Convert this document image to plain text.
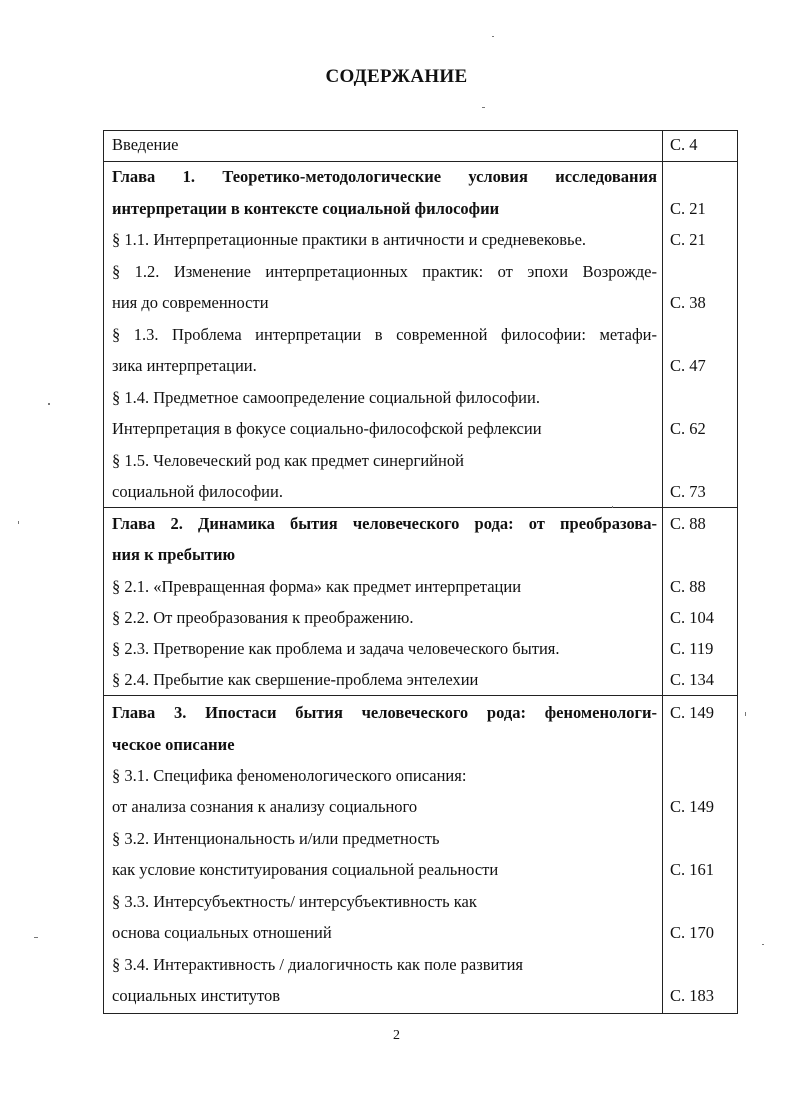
СОДЕРЖАНИЕ
Введение	С. 4
Глава 1. Теоретико-методологические условия исследования
интерпретации в контексте социальной философии	С. 21
§ 1.1. Интерпретационные практики в античности и средневековье.	С. 21
§ 1.2. Изменение интерпретационных практик: от эпохи Возрожде-
ния до современности	С. 38
§ 1.3. Проблема интерпретации в современной философии: метафи-
зика интерпретации.	С. 47
§ 1.4. Предметное самоопределение социальной философии.
Интерпретация в фокусе социально-философской рефлексии	С. 62
§ 1.5. Человеческий род как предмет синергийной
социальной философии.	С. 73
Глава 2. Динамика бытия человеческого рода: от преобразова- С. 88
ния к пребытию
§ 2.1. «Превращенная форма» как предмет интерпретации	С. 88
§ 2.2. От преобразования к преображению.	С. 104
§ 2.3. Претворение как проблема и задача человеческого бытия.	С. 119
§ 2.4. Пребытие как свершение-проблема энтелехии	С. 134
Глава 3. Ипостаси бытия человеческого рода: феноменологи- С. 149
ческое описание
§ 3.1. Специфика феноменологического описания:
от анализа сознания к анализу социального	С. 149
§ 3.2. Интенциональность и/или предметность
как условие конституирования социальной реальности	С. 161
§ 3.3. Интерсубъектность/ интерсубъективность как
основа социальных отношений	С. 170
§ 3.4. Интерактивность / диалогичность как поле развития
социальных институтов	С. 183
2
